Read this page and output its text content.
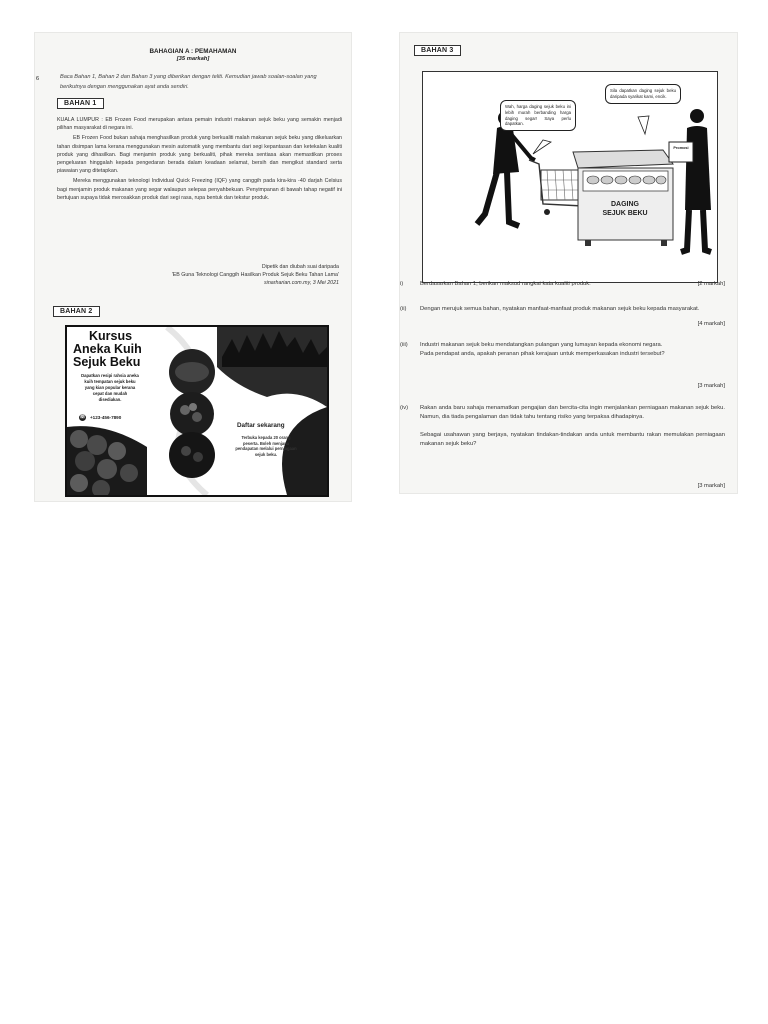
BAHAGIAN A : PEMAHAMAN
[35 markah]
6	Baca Bahan 1, Bahan 2 dan Bahan 3 yang diberikan dengan teliti. Kemudian jawab soalan-soalan yang berikutnya dengan menggunakan ayat anda sendiri.
BAHAN 1

KUALA LUMPUR : EB Frozen Food merupakan antara pemain industri makanan sejuk beku yang semakin menjadi pilihan masyarakat di negara ini.

EB Frozen Food bukan sahaja menghasilkan produk yang berkualiti malah makanan sejuk beku yang dikeluarkan tahan disimpan lama kerana menggunakan mesin automatik yang membantu dari segi kepantasan dan ketekalan kualiti produk yang dihasilkan. Bagi menjamin produk yang berkualiti, pihak mereka sentiasa akan memastikan proses pengeluaran hinggalah kepada pengedaran berada dalam keadaan selamat, bersih dan mengikut standard serta piawaian yang ditetapkan.

Mereka menggunakan teknologi Individual Quick Freezing (IQF) yang canggih pada kira-kira -40 darjah Celsius bagi menjamin produk makanan yang segar walaupun selepas penyahbekuan. Penyimpanan di bawah tahap negatif ini bertujuan supaya tidak merosakkan produk dari segi rasa, rupa bentuk dan tekstur produk.

Dipetik dan diubah suai daripada
'EB Guna Teknologi Canggih Hasilkan Produk Sejuk Beku Tahan Lama'
sinarharian.com.my, 3 Mei 2021
BAHAN 2
Kursus
Aneka Kuih
Sejuk Beku
Dapatkan resipi rahsia aneka kuih tempatan sejuk beku yang kian popular kerana cepat dan mudah disediakan.
☏ +123-456-7890
Daftar sekarang
Terbuka kepada 20 orang peserta. Boleh menjana pendapatan melalui perniagaan sejuk beku.
BAHAN 3
Wah, harga daging sejuk beku ini lebih murah berbanding harga daging segar! Saya perlu dapatkan.
Sila dapatkan daging sejuk beku daripada syarikat kami, encik.
Promosi
DAGING
SEJUK BEKU
i)	Berdasarkan Bahan 1, berikan maksud rangkai kata kualiti produk.	[2 markah]
(ii)	Dengan merujuk semua bahan, nyatakan manfaat-manfaat produk makanan sejuk beku kepada masyarakat.
[4 markah]
(iii)	Industri makanan sejuk beku mendatangkan pulangan yang lumayan kepada ekonomi negara.
Pada pendapat anda, apakah peranan pihak kerajaan untuk memperkasakan industri tersebut?
[3 markah]
(iv)	Rakan anda baru sahaja menamatkan pengajian dan bercita-cita ingin menjalankan perniagaan makanan sejuk beku. Namun, dia tiada pengalaman dan tidak tahu tentang risiko yang terpaksa dihadapinya.

Sebagai usahawan yang berjaya, nyatakan tindakan-tindakan anda untuk membantu rakan memulakan perniagaan makanan sejuk beku?
[3 markah]
